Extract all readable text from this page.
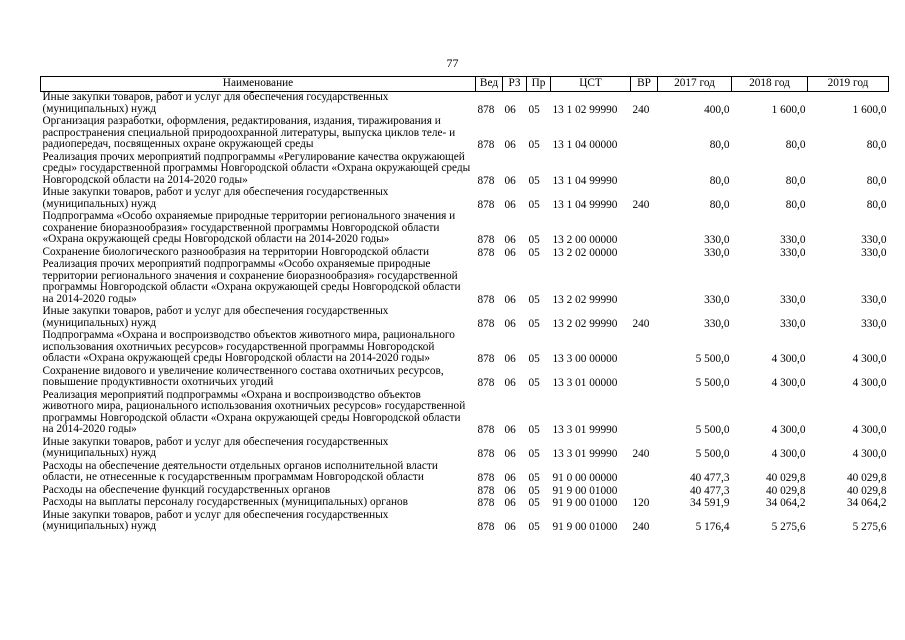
77
Наименование	Вед	РЗ	Пр	ЦСТ	ВР	2017 год	2018 год	2019 год
Иные закупки товаров, работ и услуг для обеспечения государственных (муниципальных) нужд	878	06	05	13 1 02 99990	240	400,0	1 600,0	1 600,0
Организация разработки, оформления, редактирования, издания, тиражирования и распространения специальной природоохранной литературы, выпуска циклов теле- и радиопередач, посвященных охране окружающей среды	878	06	05	13 1 04 00000		80,0	80,0	80,0
Реализация прочих мероприятий подпрограммы «Регулирование качества окружающей среды» государственной программы Новгородской области «Охрана окружающей среды Новгородской области на 2014-2020 годы»	878	06	05	13 1 04 99990		80,0	80,0	80,0
Иные закупки товаров, работ и услуг для обеспечения государственных (муниципальных) нужд	878	06	05	13 1 04 99990	240	80,0	80,0	80,0
Подпрограмма «Особо охраняемые природные территории регионального значения и сохранение биоразнообразия» государственной программы Новгородской области «Охрана окружающей среды Новгородской области на 2014-2020 годы»	878	06	05	13 2 00 00000		330,0	330,0	330,0
Сохранение биологического разнообразия на территории Новгородской области	878	06	05	13 2 02 00000		330,0	330,0	330,0
Реализация прочих мероприятий подпрограммы «Особо охраняемые природные территории регионального значения и сохранение биоразнообразия» государственной программы Новгородской области «Охрана окружающей среды Новгородской области на 2014-2020 годы»	878	06	05	13 2 02 99990		330,0	330,0	330,0
Иные закупки товаров, работ и услуг для обеспечения государственных (муниципальных) нужд	878	06	05	13 2 02 99990	240	330,0	330,0	330,0
Подпрограмма «Охрана и воспроизводство объектов животного мира, рационального использования охотничьих ресурсов» государственной программы Новгородской области «Охрана окружающей среды Новгородской области на 2014-2020 годы»	878	06	05	13 3 00 00000		5 500,0	4 300,0	4 300,0
Сохранение видового и увеличение количественного состава охотничьих ресурсов, повышение продуктивности охотничьих угодий	878	06	05	13 3 01 00000		5 500,0	4 300,0	4 300,0
Реализация мероприятий подпрограммы «Охрана и воспроизводство объектов животного мира, рационального использования охотничьих ресурсов» государственной программы Новгородской области «Охрана окружающей среды Новгородской области на 2014-2020 годы»	878	06	05	13 3 01 99990		5 500,0	4 300,0	4 300,0
Иные закупки товаров, работ и услуг для обеспечения государственных (муниципальных) нужд	878	06	05	13 3 01 99990	240	5 500,0	4 300,0	4 300,0
Расходы на обеспечение деятельности отдельных органов исполнительной власти области, не отнесенные к государственным программам Новгородской области	878	06	05	91 0 00 00000		40 477,3	40 029,8	40 029,8
Расходы на обеспечение функций государственных органов	878	06	05	91 9 00 01000		40 477,3	40 029,8	40 029,8
Расходы на выплаты персоналу государственных (муниципальных) органов	878	06	05	91 9 00 01000	120	34 591,9	34 064,2	34 064,2
Иные закупки товаров, работ и услуг для обеспечения государственных (муниципальных) нужд	878	06	05	91 9 00 01000	240	5 176,4	5 275,6	5 275,6
